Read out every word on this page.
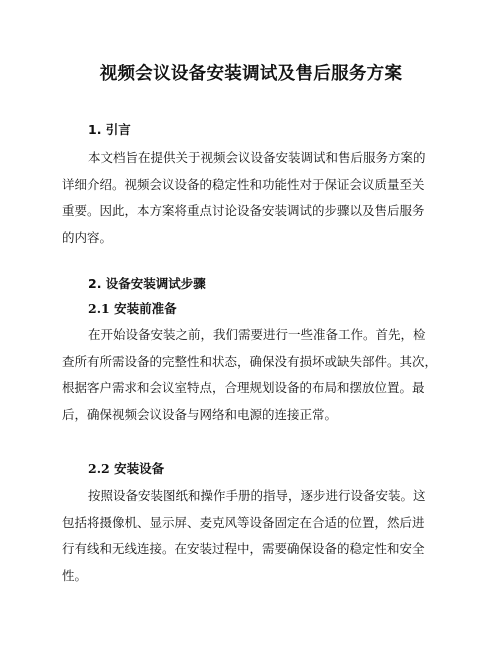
视频会议设备安装调试及售后服务方案
1. 引言
本文档旨在提供关于视频会议设备安装调试和售后服务方案的
详细介绍。视频会议设备的稳定性和功能性对于保证会议质量至关
重要。因此，本方案将重点讨论设备安装调试的步骤以及售后服务
的内容。
2. 设备安装调试步骤
2.1 安装前准备
在开始设备安装之前，我们需要进行一些准备工作。首先，检
查所有所需设备的完整性和状态，确保没有损坏或缺失部件。其次，
根据客户需求和会议室特点，合理规划设备的布局和摆放位置。最
后，确保视频会议设备与网络和电源的连接正常。
2.2 安装设备
按照设备安装图纸和操作手册的指导，逐步进行设备安装。这
包括将摄像机、显示屏、麦克风等设备固定在合适的位置，然后进
行有线和无线连接。在安装过程中，需要确保设备的稳定性和安全
性。
